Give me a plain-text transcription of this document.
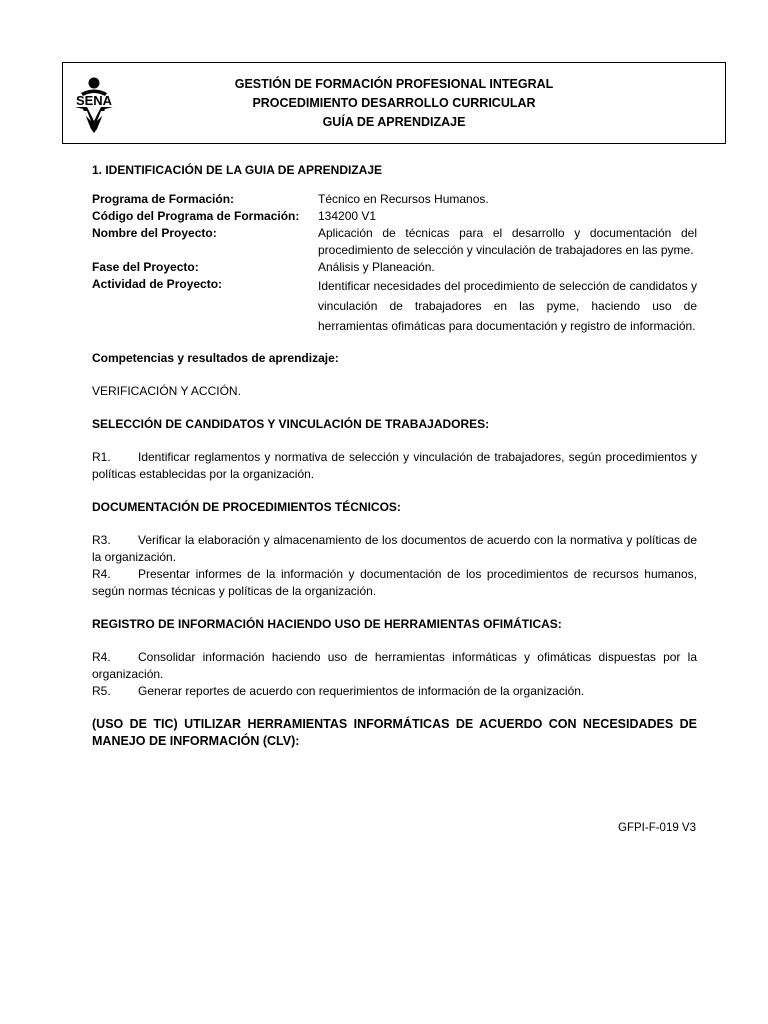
SENA
GESTIÓN DE FORMACIÓN PROFESIONAL INTEGRAL
PROCEDIMIENTO DESARROLLO CURRICULAR
GUÍA DE APRENDIZAJE
1. IDENTIFICACIÓN DE LA GUIA DE APRENDIZAJE
Programa de Formación:	Técnico en Recursos Humanos.
Código del Programa de Formación:	134200 V1
Nombre del Proyecto:	Aplicación de técnicas para el desarrollo y documentación del procedimiento de selección y vinculación de trabajadores en las pyme.
Fase del Proyecto:	Análisis y Planeación.
Actividad de Proyecto:	Identificar necesidades del procedimiento de selección de candidatos y vinculación de trabajadores en las pyme, haciendo uso de herramientas ofimáticas para documentación y registro de información.
Competencias y resultados de aprendizaje:
VERIFICACIÓN Y ACCIÓN.
SELECCIÓN DE CANDIDATOS Y VINCULACIÓN DE TRABAJADORES:

R1. Identificar reglamentos y normativa de selección y vinculación de trabajadores, según procedimientos y políticas establecidas por la organización.

DOCUMENTACIÓN DE PROCEDIMIENTOS TÉCNICOS:

R3. Verificar la elaboración y almacenamiento de los documentos de acuerdo con la normativa y políticas de la organización.

R4. Presentar informes de la información y documentación de los procedimientos de recursos humanos, según normas técnicas y políticas de la organización.

REGISTRO DE INFORMACIÓN HACIENDO USO DE HERRAMIENTAS OFIMÁTICAS:

R4. Consolidar información haciendo uso de herramientas informáticas y ofimáticas dispuestas por la organización.

R5. Generar reportes de acuerdo con requerimientos de información de la organización.

(USO DE TIC) UTILIZAR HERRAMIENTAS INFORMÁTICAS DE ACUERDO CON NECESIDADES DE MANEJO DE INFORMACIÓN (CLV):
GFPI-F-019 V3
